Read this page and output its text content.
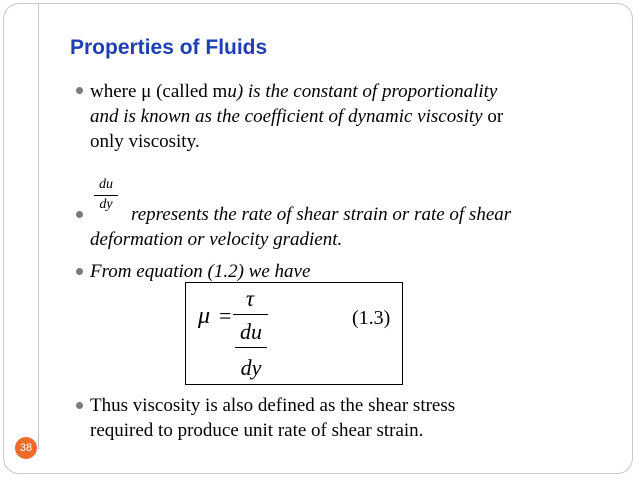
Properties of Fluids
where μ (called mu) is the constant of proportionality
and is known as the coefficient of dynamic viscosity or
only viscosity.
du
dy represents the rate of shear strain or rate of shear
deformation or velocity gradient.
From equation (1.2) we have
μ =
τ
du
dy
(1.3)
Thus viscosity is also defined as the shear stress
required to produce unit rate of shear strain.
38
